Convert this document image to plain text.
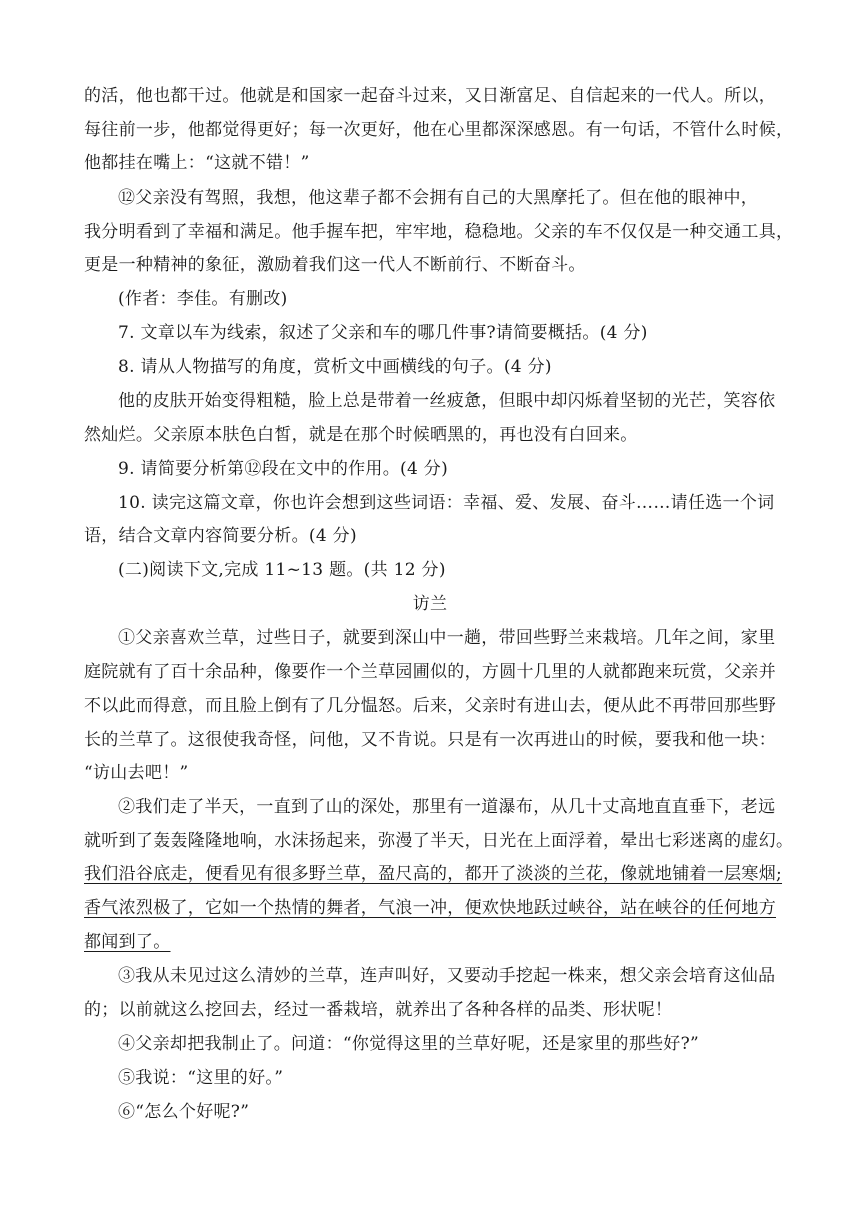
的活，他也都干过。他就是和国家一起奋斗过来，又日渐富足、自信起来的一代人。所以，
每往前一步，他都觉得更好；每一次更好，他在心里都深深感恩。有一句话，不管什么时候，
他都挂在嘴上：“这就不错！”
⑫父亲没有驾照，我想，他这辈子都不会拥有自己的大黑摩托了。但在他的眼神中，
我分明看到了幸福和满足。他手握车把，牢牢地，稳稳地。父亲的车不仅仅是一种交通工具，
更是一种精神的象征，激励着我们这一代人不断前行、不断奋斗。
(作者：李佳。有删改)
7. 文章以车为线索，叙述了父亲和车的哪几件事?请简要概括。(4 分)
8. 请从人物描写的角度，赏析文中画横线的句子。(4 分)
他的皮肤开始变得粗糙，脸上总是带着一丝疲惫，但眼中却闪烁着坚韧的光芒，笑容依
然灿烂。父亲原本肤色白皙，就是在那个时候晒黑的，再也没有白回来。
9. 请简要分析第⑫段在文中的作用。(4 分)
10. 读完这篇文章，你也许会想到这些词语：幸福、爱、发展、奋斗……请任选一个词
语，结合文章内容简要分析。(4 分)
(二)阅读下文,完成 11~13 题。(共 12 分)
访兰
①父亲喜欢兰草，过些日子，就要到深山中一趟，带回些野兰来栽培。几年之间，家里
庭院就有了百十余品种，像要作一个兰草园圃似的，方圆十几里的人就都跑来玩赏，父亲并
不以此而得意，而且脸上倒有了几分愠怒。后来，父亲时有进山去，便从此不再带回那些野
长的兰草了。这很使我奇怪，问他，又不肯说。只是有一次再进山的时候，要我和他一块：
“访山去吧！”
②我们走了半天，一直到了山的深处，那里有一道瀑布，从几十丈高地直直垂下，老远
就听到了轰轰隆隆地响，水沫扬起来，弥漫了半天，日光在上面浮着，晕出七彩迷离的虚幻。
我们沿谷底走，便看见有很多野兰草，盈尺高的，都开了淡淡的兰花，像就地铺着一层寒烟;
香气浓烈极了，它如一个热情的舞者，气浪一冲，便欢快地跃过峡谷，站在峡谷的任何地方
都闻到了。
③我从未见过这么清妙的兰草，连声叫好，又要动手挖起一株来，想父亲会培育这仙品
的；以前就这么挖回去，经过一番栽培，就养出了各种各样的品类、形状呢！
④父亲却把我制止了。问道：“你觉得这里的兰草好呢，还是家里的那些好?”
⑤我说：“这里的好。”
⑥“怎么个好呢?”
